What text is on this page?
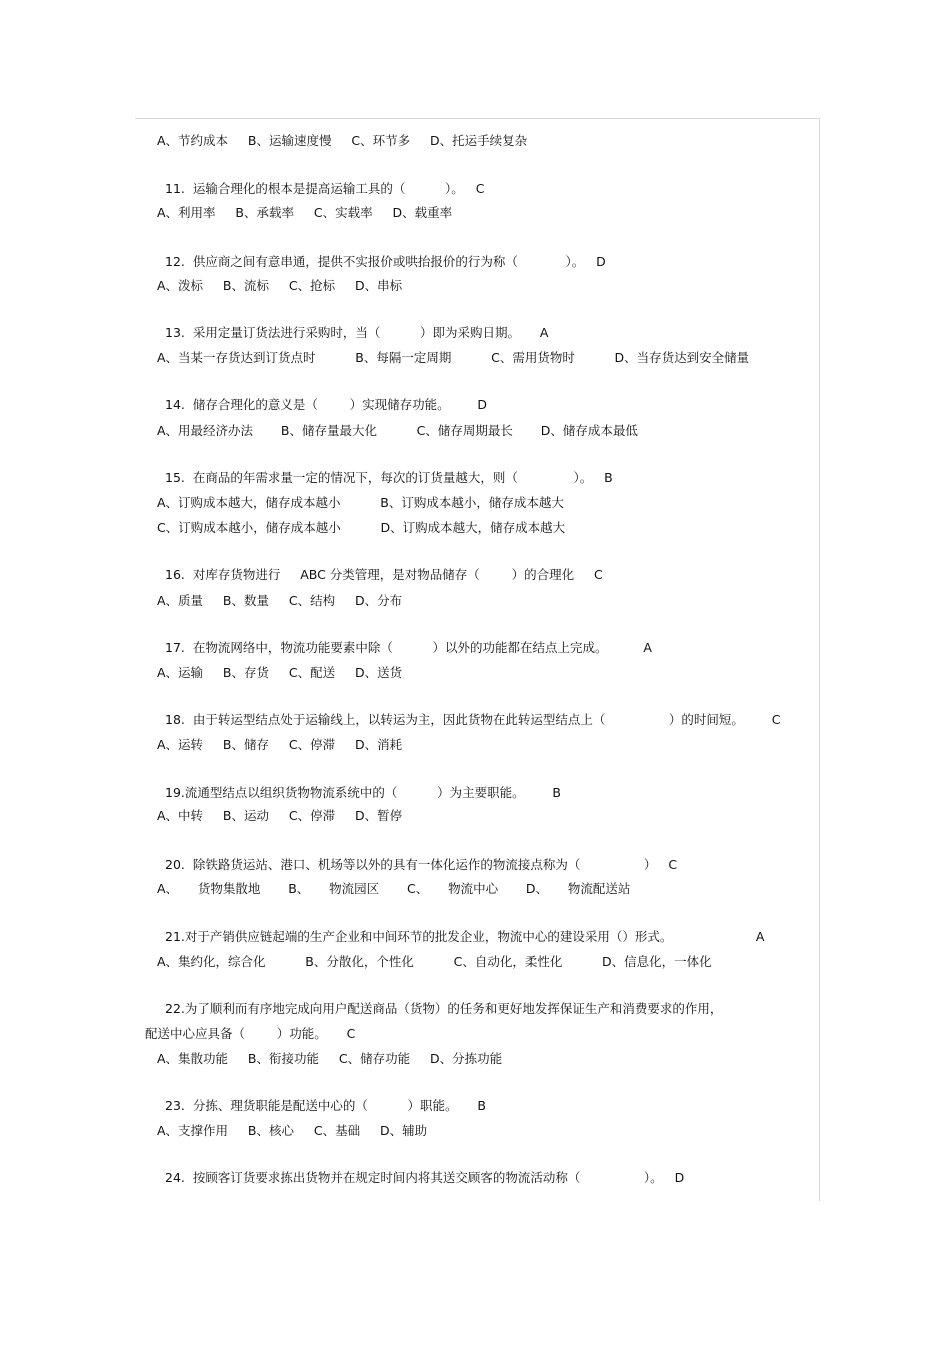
A、节约成本     B、运输速度慢     C、环节多     D、托运手续复杂
11.  运输合理化的根本是提高运输工具的（          ）。   C
A、利用率     B、承载率     C、实载率     D、载重率
12.  供应商之间有意串通，提供不实报价或哄抬报价的行为称（            ）。   D
A、泼标     B、流标     C、抢标     D、串标
13.  采用定量订货法进行采购时，当（          ）即为采购日期。     A
A、当某一存货达到订货点时          B、每隔一定周期          C、需用货物时          D、当存货达到安全储量
14.  储存合理化的意义是（        ）实现储存功能。       D
A、用最经济办法       B、储存量最大化          C、储存周期最长       D、储存成本最低
15.  在商品的年需求量一定的情况下，每次的订货量越大，则（              ）。   B
A、订购成本越大，储存成本越小          B、订购成本越小，储存成本越大
C、订购成本越小，储存成本越小          D、订购成本越大，储存成本越大
16.  对库存货物进行     ABC 分类管理，是对物品储存（        ）的合理化     C
A、质量     B、数量     C、结构     D、分布
17.  在物流网络中，物流功能要素中除（          ）以外的功能都在结点上完成。         A
A、运输     B、存货     C、配送     D、送货
18.  由于转运型结点处于运输线上，以转运为主，因此货物在此转运型结点上（                ）的时间短。       C
A、运转     B、储存     C、停滞     D、消耗
19.流通型结点以组织货物物流系统中的（          ）为主要职能。       B
A、中转     B、运动     C、停滞     D、暂停
20.  除铁路货运站、港口、机场等以外的具有一体化运作的物流接点称为（                ）   C
A、     货物集散地       B、     物流园区       C、     物流中心       D、     物流配送站
21.对于产销供应链起端的生产企业和中间环节的批发企业，物流中心的建设采用（）形式。                     A
A、集约化，综合化          B、分散化，个性化          C、自动化，柔性化          D、信息化，一体化
22.为了顺利而有序地完成向用户配送商品（货物）的任务和更好地发挥保证生产和消费要求的作用，
配送中心应具备（        ）功能。     C
A、集散功能     B、衔接功能     C、储存功能     D、分拣功能
23.  分拣、理货职能是配送中心的（          ）职能。     B
A、支撑作用     B、核心     C、基础     D、辅助
24.  按顾客订货要求拣出货物并在规定时间内将其送交顾客的物流活动称（                ）。   D
